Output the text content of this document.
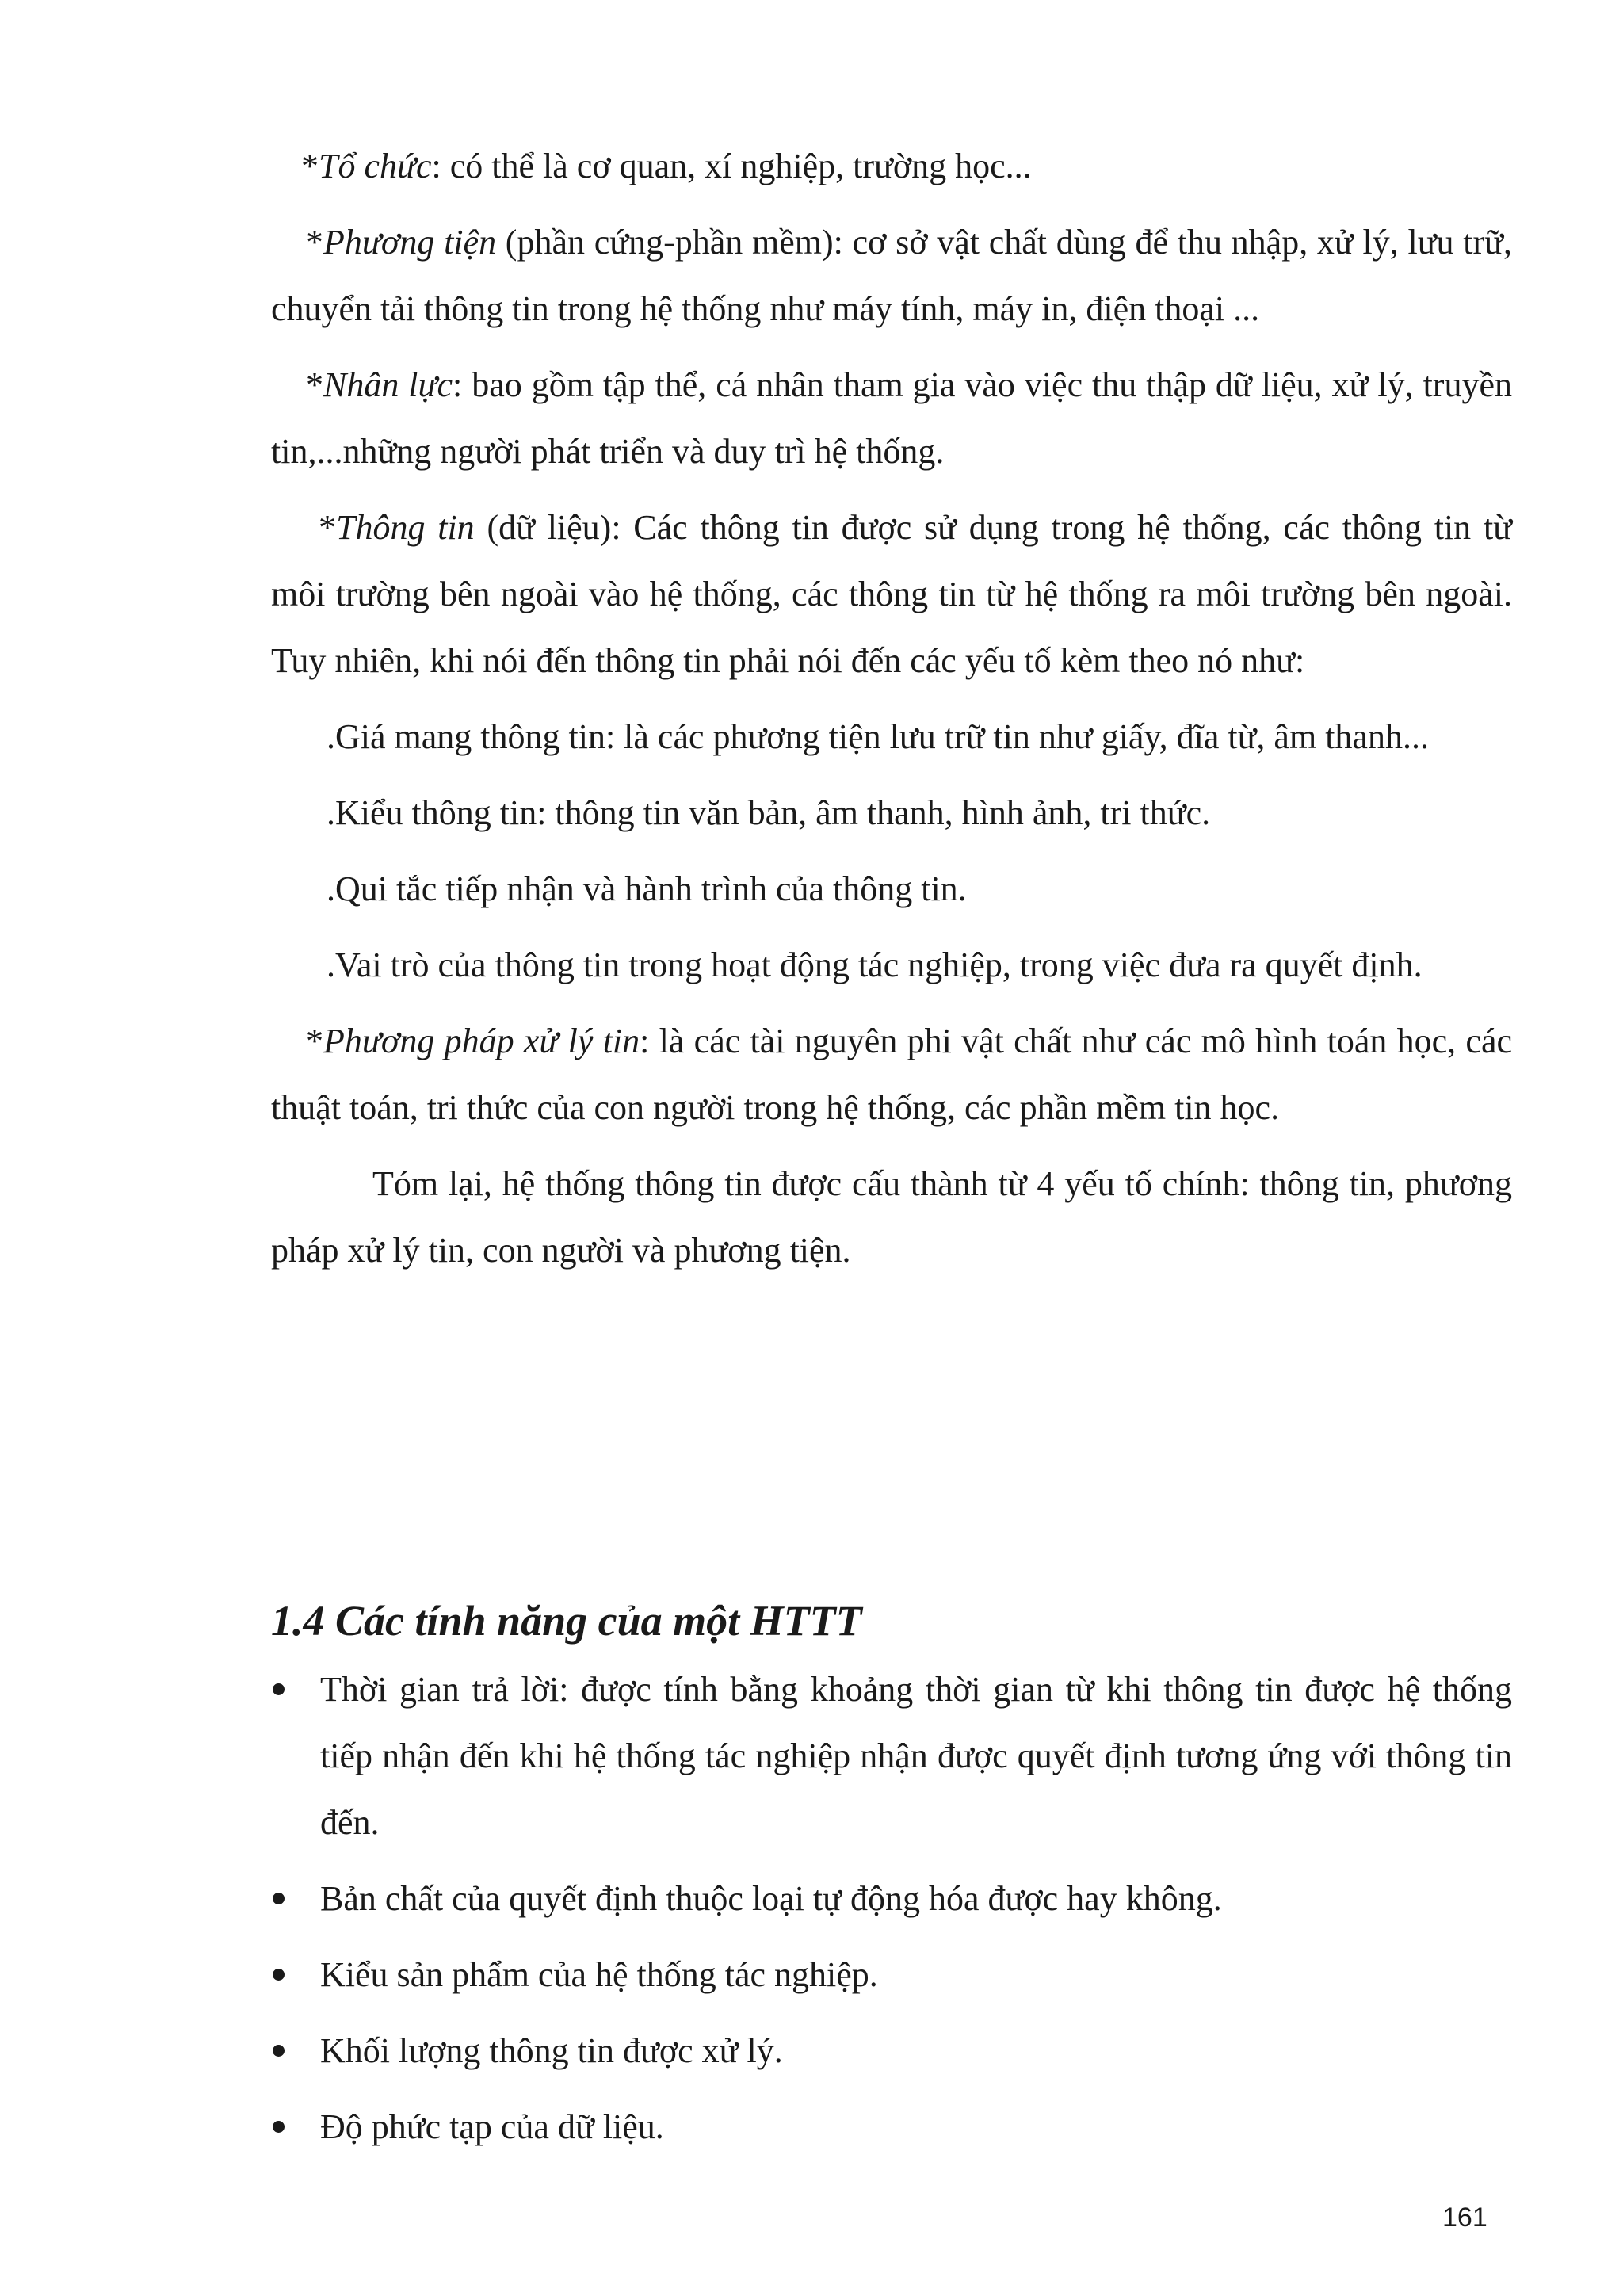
*Tổ chức: có thể là cơ quan, xí nghiệp, trường học...

*Phương tiện (phần cứng-phần mềm): cơ sở vật chất dùng để thu nhập, xử lý, lưu trữ, chuyển tải thông tin trong hệ thống như máy tính, máy in, điện thoại ...

*Nhân lực: bao gồm tập thể, cá nhân tham gia vào việc thu thập dữ liệu, xử lý, truyền tin,...những người phát triển và duy trì hệ thống.

*Thông tin (dữ liệu): Các thông tin được sử dụng trong hệ thống, các thông tin từ môi trường bên ngoài vào hệ thống, các thông tin từ hệ thống ra môi trường bên ngoài. Tuy nhiên, khi nói đến thông tin phải nói đến các yếu tố kèm theo nó như:

.Giá mang thông tin: là các phương tiện lưu trữ tin như giấy, đĩa từ, âm thanh...

.Kiểu thông tin: thông tin văn bản, âm thanh, hình ảnh, tri thức.

.Qui tắc tiếp nhận và hành trình của thông tin.

.Vai trò của thông tin trong hoạt động tác nghiệp, trong việc đưa ra quyết định.

*Phương pháp xử lý tin: là các tài nguyên phi vật chất như các mô hình toán học, các thuật toán, tri thức của con người trong hệ thống, các phần mềm tin học.

Tóm lại, hệ thống thông tin được cấu thành từ 4 yếu tố chính: thông tin, phương pháp xử lý tin, con người và phương tiện.

1.4 Các tính năng của một HTTT
Thời gian trả lời: được tính bằng khoảng thời gian từ khi thông tin được hệ thống tiếp nhận đến khi hệ thống tác nghiệp nhận được quyết định tương ứng với thông tin đến.
Bản chất của quyết định thuộc loại tự động hóa được hay không.
Kiểu sản phẩm của hệ thống tác nghiệp.
Khối lượng thông tin được xử lý.
Độ phức tạp của dữ liệu.
161
